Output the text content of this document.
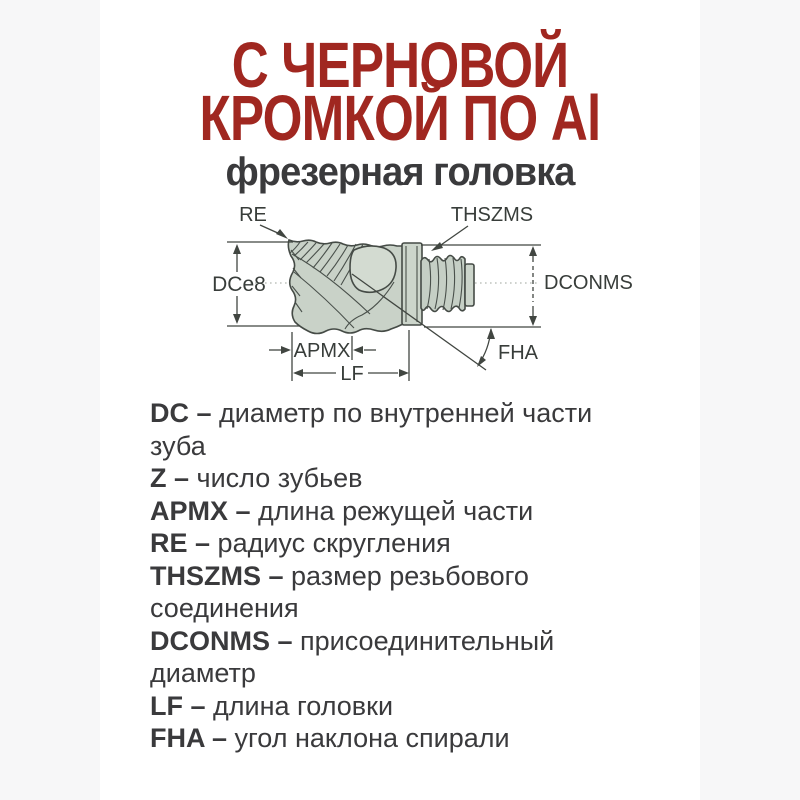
С ЧЕРНОВОЙ
КРОМКОЙ ПО Al
фрезерная головка
RE	THSZMS
DCe8	DCONMS
APMX
LF
FHA
DC – диаметр по внутренней части зуба
Z – число зубьев
APMX – длина режущей части
RE – радиус скругления
THSZMS – размер резьбового соединения
DCONMS – присоединительный диаметр
LF – длина головки
FHA – угол наклона спирали
